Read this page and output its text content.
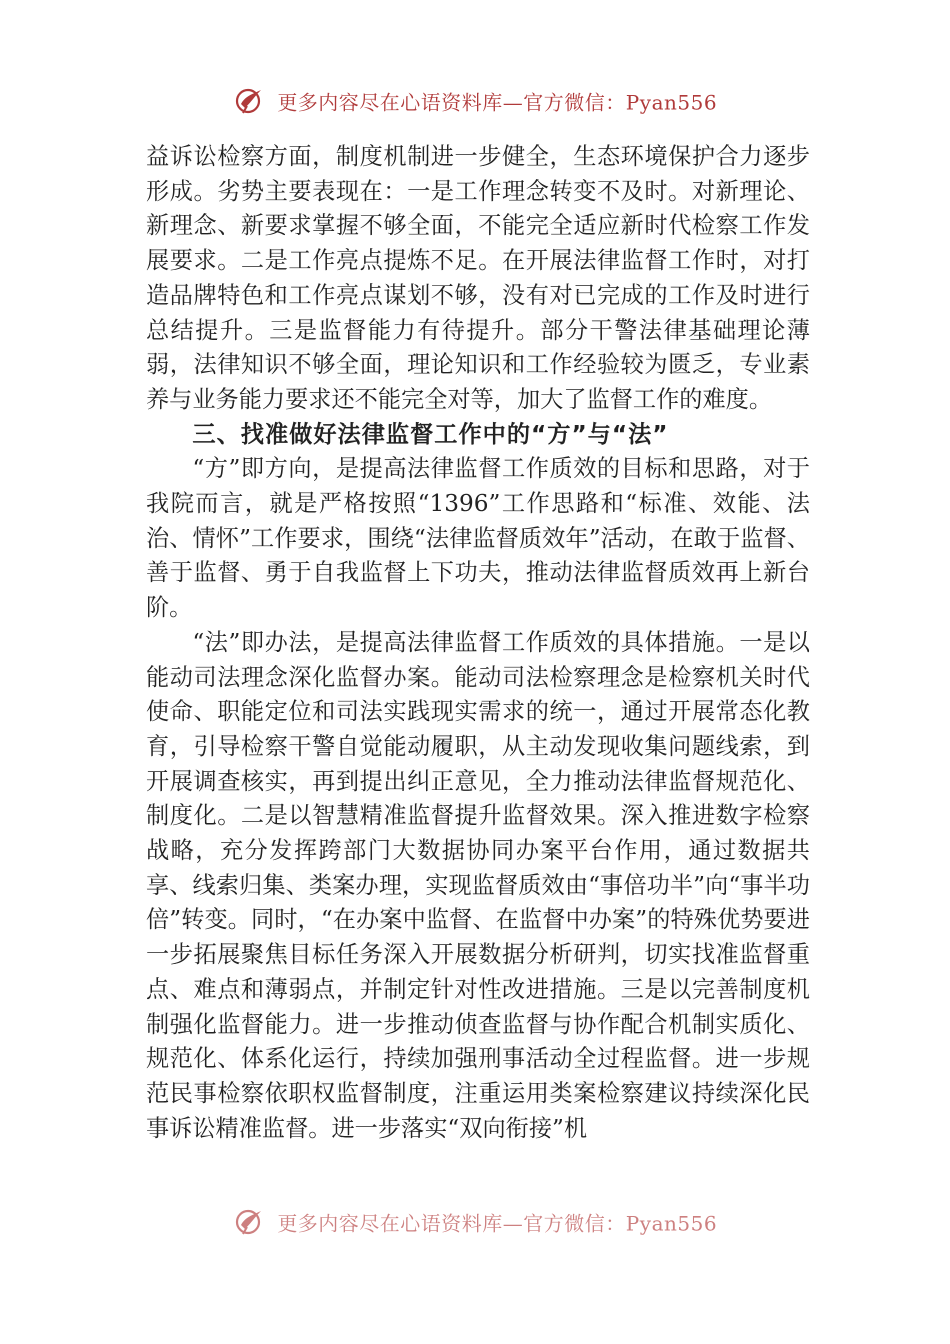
更多内容尽在心语资料库—官方微信：Pyan556

益诉讼检察方面，制度机制进一步健全，生态环境保护合力逐步形成。劣势主要表现在：一是工作理念转变不及时。对新理论、新理念、新要求掌握不够全面，不能完全适应新时代检察工作发展要求。二是工作亮点提炼不足。在开展法律监督工作时，对打造品牌特色和工作亮点谋划不够，没有对已完成的工作及时进行总结提升。三是监督能力有待提升。部分干警法律基础理论薄弱，法律知识不够全面，理论知识和工作经验较为匮乏，专业素养与业务能力要求还不能完全对等，加大了监督工作的难度。

三、找准做好法律监督工作中的“方”与“法”

“方”即方向，是提高法律监督工作质效的目标和思路，对于我院而言，就是严格按照“1396”工作思路和“标准、效能、法治、情怀”工作要求，围绕“法律监督质效年”活动，在敢于监督、善于监督、勇于自我监督上下功夫，推动法律监督质效再上新台阶。

“法”即办法，是提高法律监督工作质效的具体措施。一是以能动司法理念深化监督办案。能动司法检察理念是检察机关时代使命、职能定位和司法实践现实需求的统一，通过开展常态化教育，引导检察干警自觉能动履职，从主动发现收集问题线索，到开展调查核实，再到提出纠正意见，全力推动法律监督规范化、制度化。二是以智慧精准监督提升监督效果。深入推进数字检察战略，充分发挥跨部门大数据协同办案平台作用，通过数据共享、线索归集、类案办理，实现监督质效由“事倍功半”向“事半功倍”转变。同时，“在办案中监督、在监督中办案”的特殊优势要进一步拓展聚焦目标任务深入开展数据分析研判，切实找准监督重点、难点和薄弱点，并制定针对性改进措施。三是以完善制度机制强化监督能力。进一步推动侦查监督与协作配合机制实质化、规范化、体系化运行，持续加强刑事活动全过程监督。进一步规范民事检察依职权监督制度，注重运用类案检察建议持续深化民事诉讼精准监督。进一步落实“双向衔接”机

更多内容尽在心语资料库—官方微信：Pyan556
